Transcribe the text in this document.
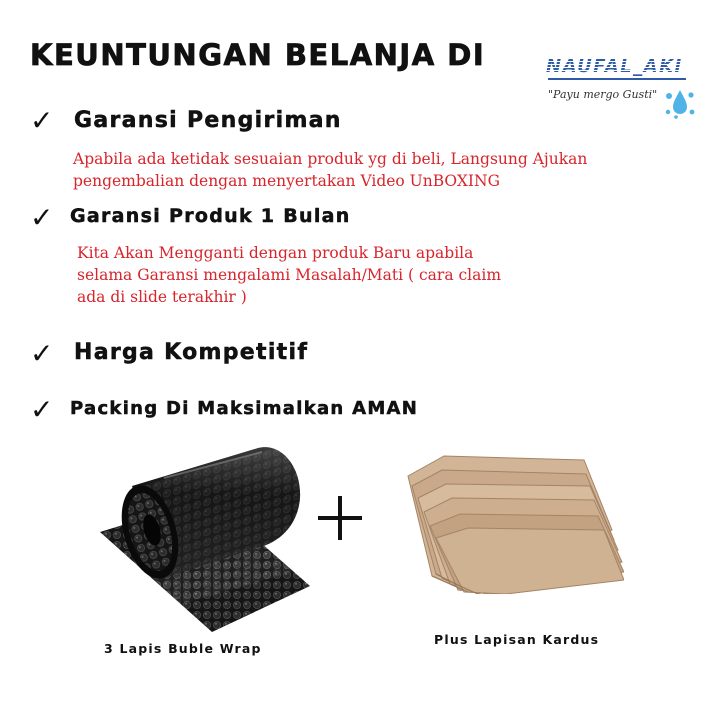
KEUNTUNGAN BELANJA DI	NAUFAL_AKI
"Payu mergo Gusti"
✓ Garansi Pengiriman
Apabila ada ketidak sesuaian produk yg di beli, Langsung Ajukan
pengembalian dengan menyertakan Video UnBOXING
✓ Garansi Produk 1 Bulan
Kita Akan Mengganti dengan produk Baru apabila
selama Garansi mengalami Masalah/Mati ( cara claim
ada di slide terakhir )
✓ Harga Kompetitif
✓ Packing Di Maksimalkan AMAN
3 Lapis Buble Wrap
Plus Lapisan Kardus
